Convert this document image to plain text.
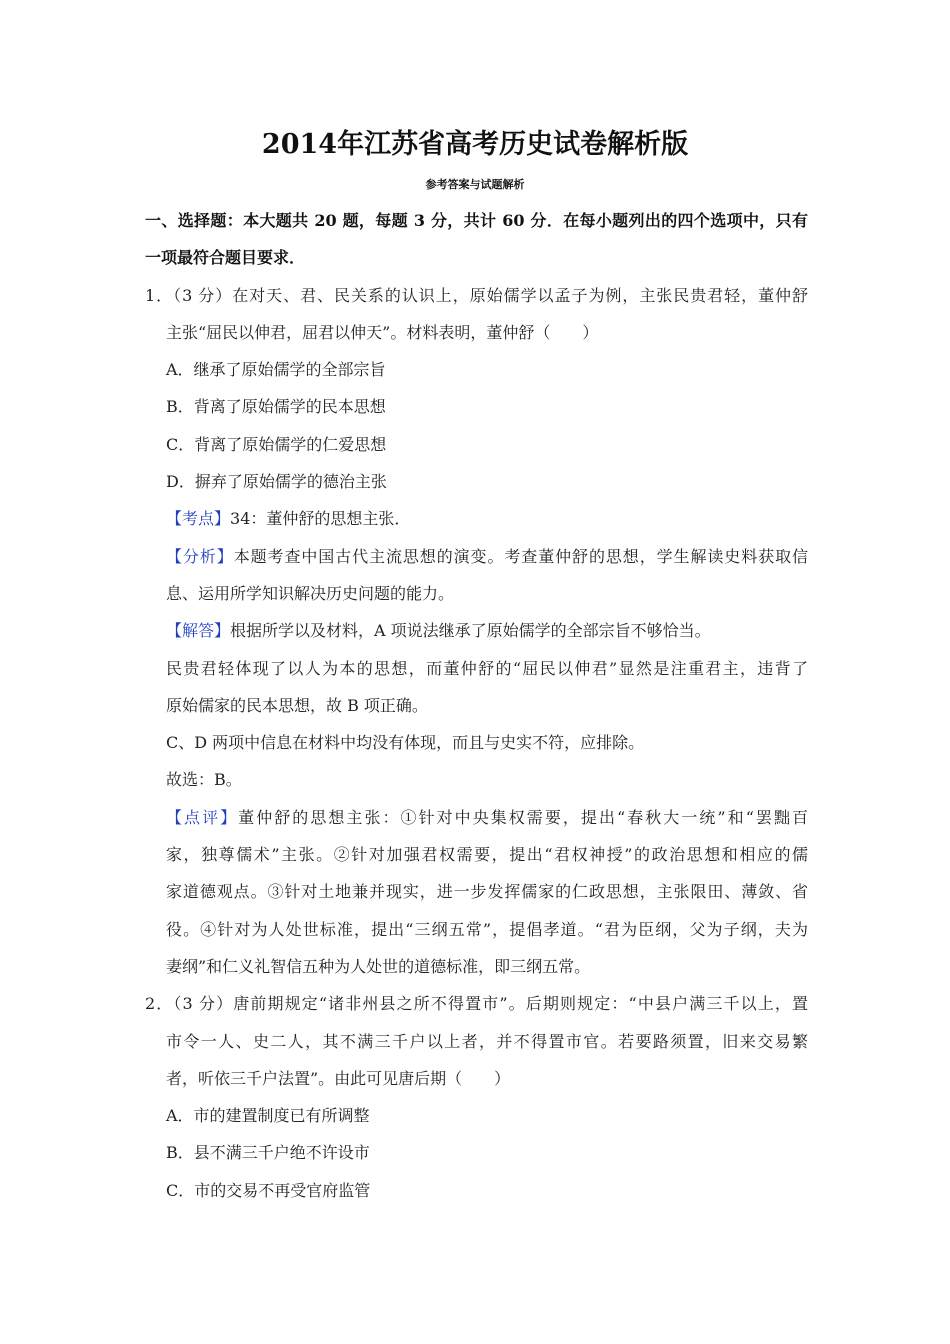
2014年江苏省高考历史试卷解析版
参考答案与试题解析
一、选择题：本大题共 20 题，每题 3 分，共计 60 分．在每小题列出的四个选项中，只有
一项最符合题目要求．
1．（3 分）在对天、君、民关系的认识上，原始儒学以孟子为例，主张民贵君轻，董仲舒
主张“屈民以伸君，屈君以伸天”。材料表明，董仲舒（　　）
A．继承了原始儒学的全部宗旨
B．背离了原始儒学的民本思想
C．背离了原始儒学的仁爱思想
D．摒弃了原始儒学的德治主张
【考点】34：董仲舒的思想主张．
【分析】本题考查中国古代主流思想的演变。考查董仲舒的思想，学生解读史料获取信
息、运用所学知识解决历史问题的能力。
【解答】根据所学以及材料，A 项说法继承了原始儒学的全部宗旨不够恰当。
民贵君轻体现了以人为本的思想，而董仲舒的“屈民以伸君”显然是注重君主，违背了
原始儒家的民本思想，故 B 项正确。
C、D 两项中信息在材料中均没有体现，而且与史实不符，应排除。
故选：B。
【点评】董仲舒的思想主张：①针对中央集权需要，提出“春秋大一统”和“罢黜百
家，独尊儒术”主张。②针对加强君权需要，提出“君权神授”的政治思想和相应的儒
家道德观点。③针对土地兼并现实，进一步发挥儒家的仁政思想，主张限田、薄敛、省
役。④针对为人处世标准，提出“三纲五常”，提倡孝道。“君为臣纲，父为子纲，夫为
妻纲”和仁义礼智信五种为人处世的道德标准，即三纲五常。
2．（3 分）唐前期规定“诸非州县之所不得置市”。后期则规定：“中县户满三千以上，置
市令一人、史二人，其不满三千户以上者，并不得置市官。若要路须置，旧来交易繁
者，听依三千户法置”。由此可见唐后期（　　）
A．市的建置制度已有所调整
B．县不满三千户绝不许设市
C．市的交易不再受官府监管
